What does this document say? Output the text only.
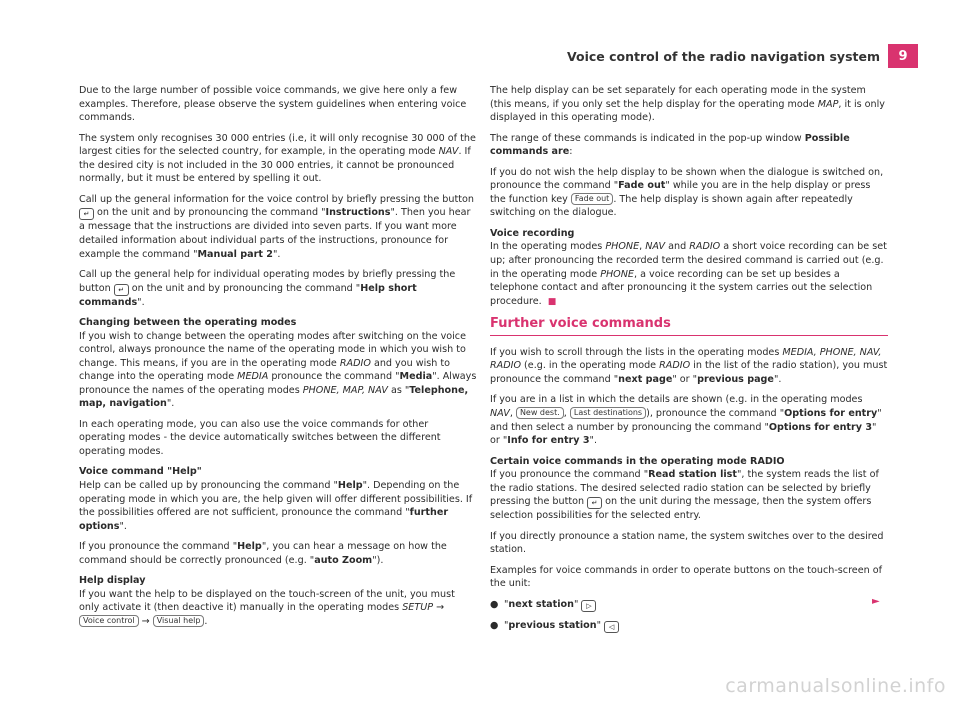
Voice control of the radio navigation system	9

Due to the large number of possible voice commands, we give here only a few examples. Therefore, please observe the system guidelines when entering voice commands.

The system only recognises 30 000 entries (i.e, it will only recognise 30 000 of the largest cities for the selected country, for example, in the operating mode NAV. If the desired city is not included in the 30 000 entries, it cannot be pronounced normally, but it must be entered by spelling it out.

Call up the general information for the voice control by briefly pressing the button ↵ on the unit and by pronouncing the command "Instructions". Then you hear a message that the instructions are divided into seven parts. If you want more detailed information about individual parts of the instructions, pronounce for example the command "Manual part 2".

Call up the general help for individual operating modes by briefly pressing the button ↵ on the unit and by pronouncing the command "Help short commands".

Changing between the operating modes

If you wish to change between the operating modes after switching on the voice control, always pronounce the name of the operating mode in which you wish to change. This means, if you are in the operating mode RADIO and you wish to change into the operating mode MEDIA pronounce the command "Media". Always pronounce the names of the operating modes PHONE, MAP, NAV as "Telephone, map, navigation".

In each operating mode, you can also use the voice commands for other operating modes - the device automatically switches between the different operating modes.

Voice command "Help"

Help can be called up by pronouncing the command "Help". Depending on the operating mode in which you are, the help given will offer different possibilities. If the possibilities offered are not sufficient, pronounce the command "further options".

If you pronounce the command "Help", you can hear a message on how the command should be correctly pronounced (e.g. "auto Zoom").

Help display

If you want the help to be displayed on the touch-screen of the unit, you must only activate it (then deactive it) manually in the operating modes SETUP → Voice control → Visual help .

The help display can be set separately for each operating mode in the system (this means, if you only set the help display for the operating mode MAP, it is only displayed in this operating mode).

The range of these commands is indicated in the pop-up window Possible commands are:

If you do not wish the help display to be shown when the dialogue is switched on, pronounce the command "Fade out" while you are in the help display or press the function key Fade out . The help display is shown again after repeatedly switching on the dialogue.

Voice recording

In the operating modes PHONE, NAV and RADIO a short voice recording can be set up; after pronouncing the recorded term the desired command is carried out (e.g. in the operating mode PHONE, a voice recording can be set up besides a telephone contact and after pronouncing it the system carries out the selection procedure. ■

Further voice commands

If you wish to scroll through the lists in the operating modes MEDIA, PHONE, NAV, RADIO (e.g. in the operating mode RADIO in the list of the radio station), you must pronounce the command "next page" or "previous page".

If you are in a list in which the details are shown (e.g. in the operating modes NAV, New dest. , Last destinations ), pronounce the command "Options for entry" and then select a number by pronouncing the command "Options for entry 3" or "Info for entry 3".

Certain voice commands in the operating mode RADIO

If you pronounce the command "Read station list", the system reads the list of the radio stations. The desired selected radio station can be selected by briefly pressing the button ↵ on the unit during the message, then the system offers selection possibilities for the selected entry.

If you directly pronounce a station name, the system switches over to the desired station.

Examples for voice commands in order to operate buttons on the touch-screen of the unit:

● "next station" ▷
● "previous station" ◁
►
carmanualsonline.info
